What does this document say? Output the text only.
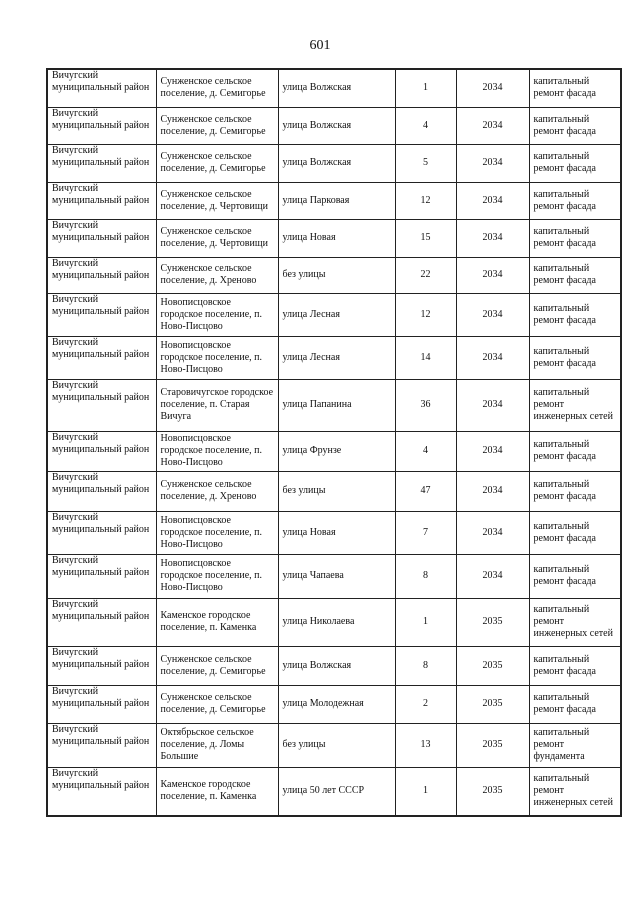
601
Вичугский муниципальный район	Сунженское сельское поселение, д. Семигорье	улица Волжская	1	2034	капитальный ремонт фасада
Вичугский муниципальный район	Сунженское сельское поселение, д. Семигорье	улица Волжская	4	2034	капитальный ремонт фасада
Вичугский муниципальный район	Сунженское сельское поселение, д. Семигорье	улица Волжская	5	2034	капитальный ремонт фасада
Вичугский муниципальный район	Сунженское сельское поселение, д. Чертовищи	улица Парковая	12	2034	капитальный ремонт фасада
Вичугский муниципальный район	Сунженское сельское поселение, д. Чертовищи	улица Новая	15	2034	капитальный ремонт фасада
Вичугский муниципальный район	Сунженское сельское поселение, д. Хреново	без улицы	22	2034	капитальный ремонт фасада
Вичугский муниципальный район	Новописцовское городское поселение, п. Ново-Писцово	улица Лесная	12	2034	капитальный ремонт фасада
Вичугский муниципальный район	Новописцовское городское поселение, п. Ново-Писцово	улица Лесная	14	2034	капитальный ремонт фасада
Вичугский муниципальный район	Старовичугское городское поселение, п. Старая Вичуга	улица Папанина	36	2034	капитальный ремонт инженерных сетей
Вичугский муниципальный район	Новописцовское городское поселение, п. Ново-Писцово	улица Фрунзе	4	2034	капитальный ремонт фасада
Вичугский муниципальный район	Сунженское сельское поселение, д. Хреново	без улицы	47	2034	капитальный ремонт фасада
Вичугский муниципальный район	Новописцовское городское поселение, п. Ново-Писцово	улица Новая	7	2034	капитальный ремонт фасада
Вичугский муниципальный район	Новописцовское городское поселение, п. Ново-Писцово	улица Чапаева	8	2034	капитальный ремонт фасада
Вичугский муниципальный район	Каменское городское поселение, п. Каменка	улица Николаева	1	2035	капитальный ремонт инженерных сетей
Вичугский муниципальный район	Сунженское сельское поселение, д. Семигорье	улица Волжская	8	2035	капитальный ремонт фасада
Вичугский муниципальный район	Сунженское сельское поселение, д. Семигорье	улица Молодежная	2	2035	капитальный ремонт фасада
Вичугский муниципальный район	Октябрьское сельское поселение, д. Ломы Большие	без улицы	13	2035	капитальный ремонт фундамента
Вичугский муниципальный район	Каменское городское поселение, п. Каменка	улица 50 лет СССР	1	2035	капитальный ремонт инженерных сетей
